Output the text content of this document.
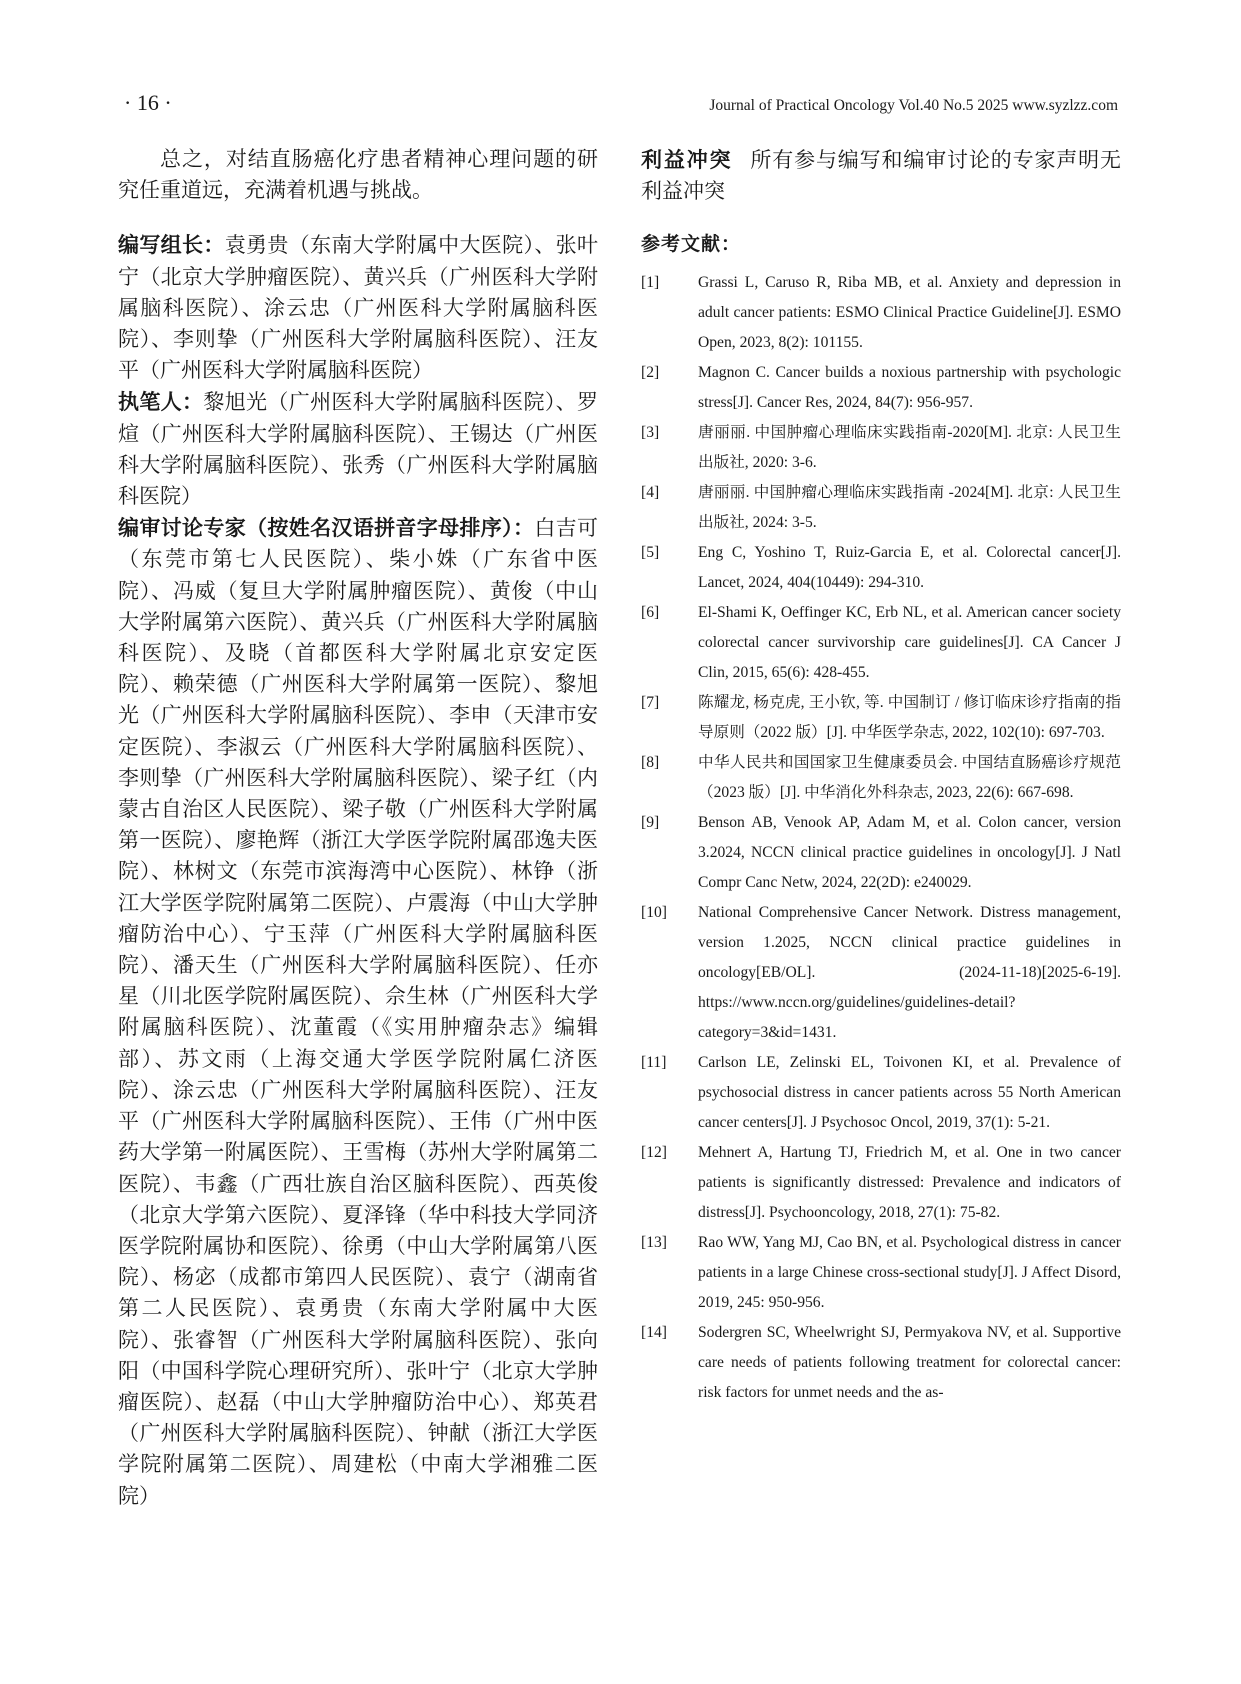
· 16 ·	Journal of Practical Oncology Vol.40 No.5 2025 www.syzlzz.com

总之，对结直肠癌化疗患者精神心理问题的研究任重道远，充满着机遇与挑战。

编写组长：袁勇贵（东南大学附属中大医院）、张叶宁（北京大学肿瘤医院）、黄兴兵（广州医科大学附属脑科医院）、涂云忠（广州医科大学附属脑科医院）、李则挚（广州医科大学附属脑科医院）、汪友平（广州医科大学附属脑科医院）

执笔人：黎旭光（广州医科大学附属脑科医院）、罗煊（广州医科大学附属脑科医院）、王锡达（广州医科大学附属脑科医院）、张秀（广州医科大学附属脑科医院）

编审讨论专家（按姓名汉语拼音字母排序）：白吉可（东莞市第七人民医院）、柴小姝（广东省中医院）、冯威（复旦大学附属肿瘤医院）、黄俊（中山大学附属第六医院）、黄兴兵（广州医科大学附属脑科医院）、及晓（首都医科大学附属北京安定医院）、赖荣德（广州医科大学附属第一医院）、黎旭光（广州医科大学附属脑科医院）、李申（天津市安定医院）、李淑云（广州医科大学附属脑科医院）、李则挚（广州医科大学附属脑科医院）、梁子红（内蒙古自治区人民医院）、梁子敬（广州医科大学附属第一医院）、廖艳辉（浙江大学医学院附属邵逸夫医院）、林树文（东莞市滨海湾中心医院）、林铮（浙江大学医学院附属第二医院）、卢震海（中山大学肿瘤防治中心）、宁玉萍（广州医科大学附属脑科医院）、潘天生（广州医科大学附属脑科医院）、任亦星（川北医学院附属医院）、佘生林（广州医科大学附属脑科医院）、沈董霞（《实用肿瘤杂志》编辑部）、苏文雨（上海交通大学医学院附属仁济医院）、涂云忠（广州医科大学附属脑科医院）、汪友平（广州医科大学附属脑科医院）、王伟（广州中医药大学第一附属医院）、王雪梅（苏州大学附属第二医院）、韦鑫（广西壮族自治区脑科医院）、西英俊（北京大学第六医院）、夏泽锋（华中科技大学同济医学院附属协和医院）、徐勇（中山大学附属第八医院）、杨宓（成都市第四人民医院）、袁宁（湖南省第二人民医院）、袁勇贵（东南大学附属中大医院）、张睿智（广州医科大学附属脑科医院）、张向阳（中国科学院心理研究所）、张叶宁（北京大学肿瘤医院）、赵磊（中山大学肿瘤防治中心）、郑英君（广州医科大学附属脑科医院）、钟献（浙江大学医学院附属第二医院）、周建松（中南大学湘雅二医院）

利益冲突 所有参与编写和编审讨论的专家声明无利益冲突

参考文献：
[1] Grassi L, Caruso R, Riba MB, et al. Anxiety and depression in adult cancer patients: ESMO Clinical Practice Guideline[J]. ESMO Open, 2023, 8(2): 101155.
[2] Magnon C. Cancer builds a noxious partnership with psychologic stress[J]. Cancer Res, 2024, 84(7): 956-957.
[3] 唐丽丽. 中国肿瘤心理临床实践指南-2020[M]. 北京: 人民卫生出版社, 2020: 3-6.
[4] 唐丽丽. 中国肿瘤心理临床实践指南 -2024[M]. 北京: 人民卫生出版社, 2024: 3-5.
[5] Eng C, Yoshino T, Ruiz-Garcia E, et al. Colorectal cancer[J]. Lancet, 2024, 404(10449): 294-310.
[6] El-Shami K, Oeffinger KC, Erb NL, et al. American cancer society colorectal cancer survivorship care guidelines[J]. CA Cancer J Clin, 2015, 65(6): 428-455.
[7] 陈耀龙, 杨克虎, 王小钦, 等. 中国制订 / 修订临床诊疗指南的指导原则（2022 版）[J]. 中华医学杂志, 2022, 102(10): 697-703.
[8] 中华人民共和国国家卫生健康委员会. 中国结直肠癌诊疗规范（2023 版）[J]. 中华消化外科杂志, 2023, 22(6): 667-698.
[9] Benson AB, Venook AP, Adam M, et al. Colon cancer, version 3.2024, NCCN clinical practice guidelines in oncology[J]. J Natl Compr Canc Netw, 2024, 22(2D): e240029.
[10] National Comprehensive Cancer Network. Distress management, version 1.2025, NCCN clinical practice guidelines in oncology[EB/OL]. (2024-11-18)[2025-6-19]. https://www.nccn.org/guidelines/guidelines-detail?category=3&id=1431.
[11] Carlson LE, Zelinski EL, Toivonen KI, et al. Prevalence of psychosocial distress in cancer patients across 55 North American cancer centers[J]. J Psychosoc Oncol, 2019, 37(1): 5-21.
[12] Mehnert A, Hartung TJ, Friedrich M, et al. One in two cancer patients is significantly distressed: Prevalence and indicators of distress[J]. Psychooncology, 2018, 27(1): 75-82.
[13] Rao WW, Yang MJ, Cao BN, et al. Psychological distress in cancer patients in a large Chinese cross-sectional study[J]. J Affect Disord, 2019, 245: 950-956.
[14] Sodergren SC, Wheelwright SJ, Permyakova NV, et al. Supportive care needs of patients following treatment for colorectal cancer: risk factors for unmet needs and the as-
